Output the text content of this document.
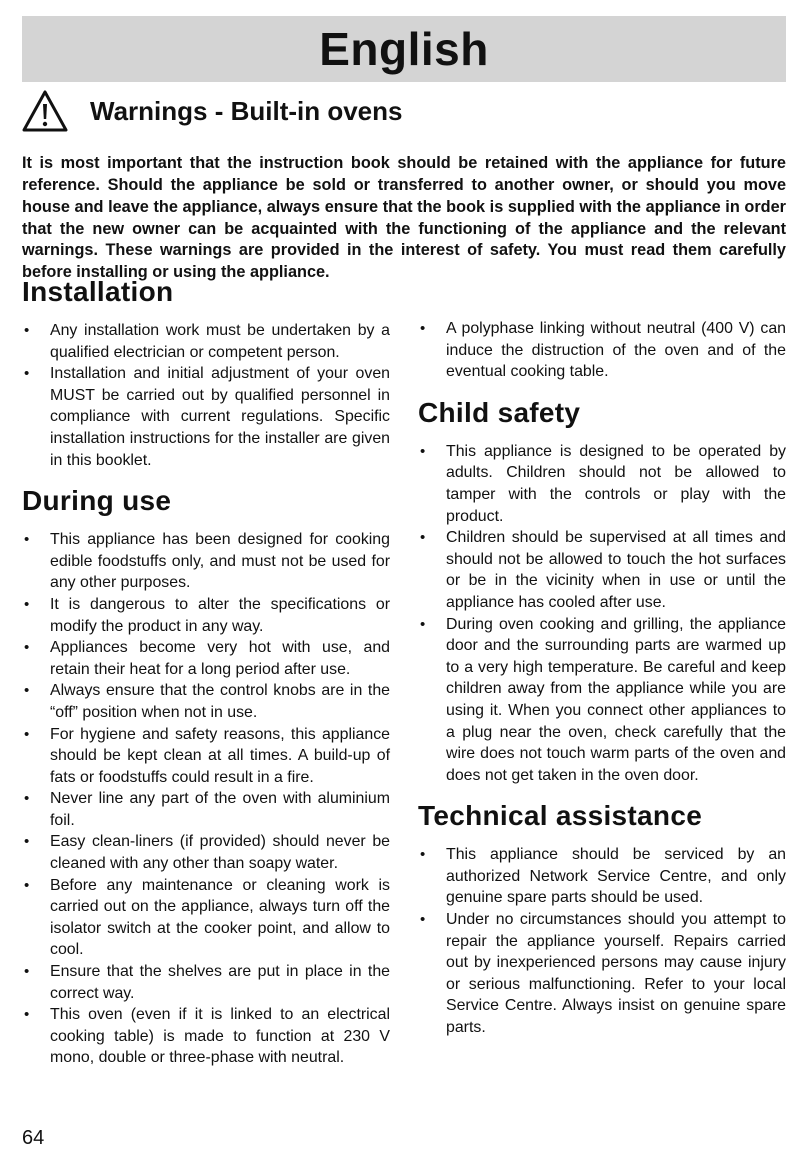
English
Warnings - Built-in ovens

It is most important that the instruction book should be retained with the appliance for future reference. Should the appliance be sold or transferred to another owner, or should you move house and leave the appliance, always ensure that the book is supplied with the appliance in order that the new owner can be acquainted with the functioning of the appliance and the relevant warnings. These warnings are provided in the interest of safety. You must read them carefully before installing or using the appliance.

Installation
• Any installation work must be undertaken by a qualified electrician or competent person.
• Installation and initial adjustment of your oven MUST be carried out by qualified personnel in compliance with current regulations. Specific installation instructions for the installer are given in this booklet.
During use
• This appliance has been designed for cooking edible foodstuffs only, and must not be used for any other purposes.
• It is dangerous to alter the specifications or modify the product in any way.
• Appliances become very hot with use, and retain their heat for a long period after use.
• Always ensure that the control knobs are in the “off” position when not in use.
• For hygiene and safety reasons, this appliance should be kept clean at all times. A build-up of fats or foodstuffs could result in a fire.
• Never line any part of the oven with aluminium foil.
• Easy clean-liners (if provided) should never be cleaned with any other than soapy water.
• Before any maintenance or cleaning work is carried out on the appliance, always turn off the isolator switch at the cooker point, and allow to cool.
• Ensure that the shelves are put in place in the correct way.
• This oven (even if it is linked to an electrical cooking table) is made to function at 230 V mono, double or three-phase with neutral.
• A polyphase linking without neutral (400 V) can induce the distruction of the oven and of the eventual cooking table.
Child safety
• This appliance is designed to be operated by adults. Children should not be allowed to tamper with the controls or play with the product.
• Children should be supervised at all times and should not be allowed to touch the hot surfaces or be in the vicinity when in use or until the appliance has cooled after use.
• During oven cooking and grilling, the appliance door and the surrounding parts are warmed up to a very high temperature. Be careful and keep children away from the appliance while you are using it. When you connect other appliances to a plug near the oven, check carefully that the wire does not touch warm parts of the oven and does not get taken in the oven door.
Technical assistance
• This appliance should be serviced by an authorized Network Service Centre, and only genuine spare parts should be used.
• Under no circumstances should you attempt to repair the appliance yourself. Repairs carried out by inexperienced persons may cause injury or serious malfunctioning. Refer to your local Service Centre. Always insist on genuine spare parts.
64
